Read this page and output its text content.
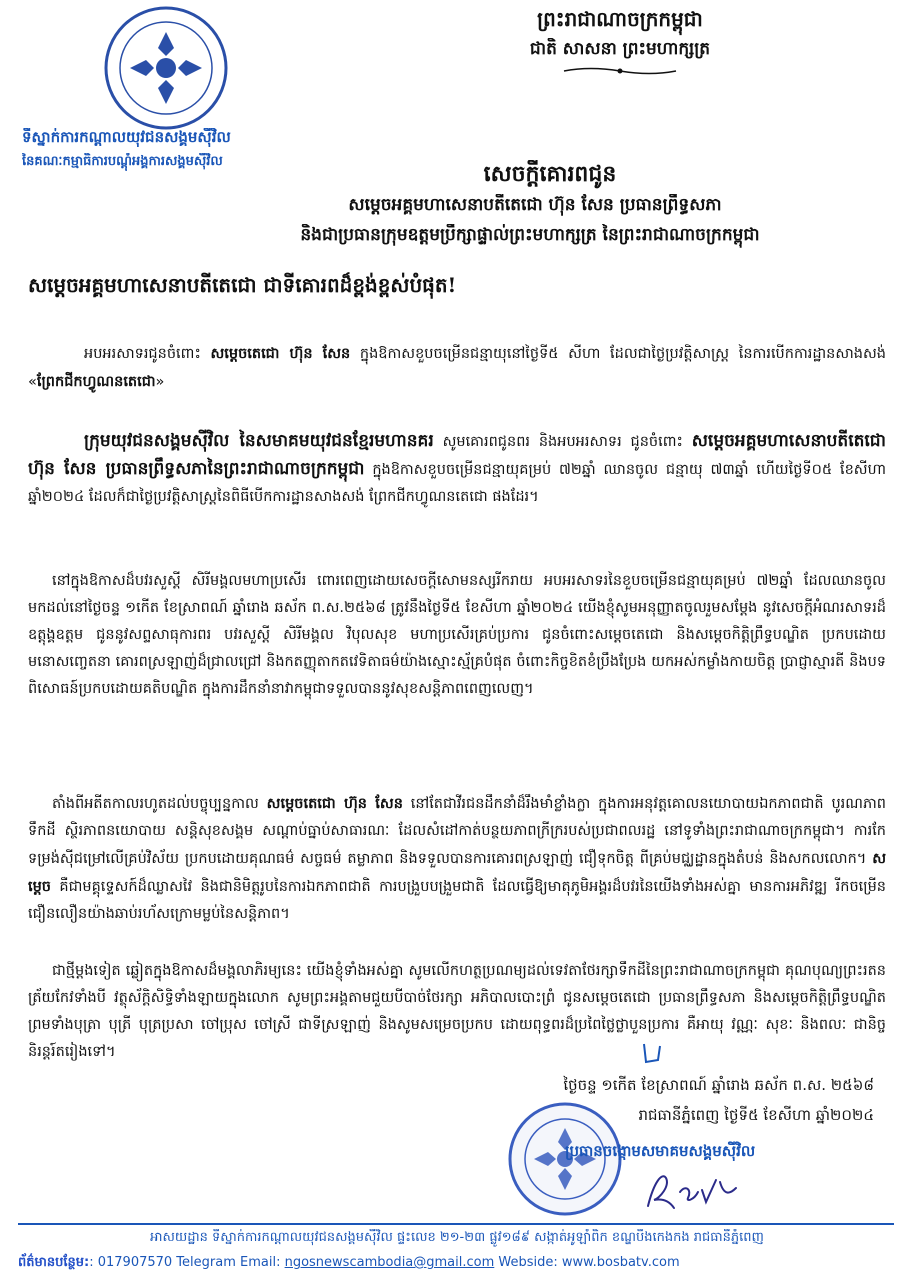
ទីស្នាក់ការកណ្តាលយុវជនសង្គមស៊ីវិល
នៃគណៈកម្មាធិការបណ្តុំអង្គការសង្គមស៊ីវិល
ព្រះរាជាណាចក្រកម្ពុជា
ជាតិ សាសនា ព្រះមហាក្សត្រ
សេចក្តីគោរពជូន
សម្តេចអគ្គមហាសេនាបតីតេជោ ហ៊ុន សែន ប្រធានព្រឹទ្ធសភា
និងជាប្រធានក្រុមឧត្តមប្រឹក្សាផ្ទាល់ព្រះមហាក្សត្រ នៃព្រះរាជាណាចក្រកម្ពុជា
សម្តេចអគ្គមហាសេនាបតីតេជោ ជាទីគោរពដ៏ខ្ពង់ខ្ពស់បំផុត!
អបអរសាទរជូនចំពោះ សម្តេចតេជោ ហ៊ុន សែន ក្នុងឱកាសខួបចម្រើនជន្មាយុនៅថ្ងៃទី៥ សីហា ដែលជាថ្ងៃប្រវត្តិសាស្ត្រ នៃការបើកការដ្ឋានសាងសង់ «ព្រែកជីកហ្វូណនតេជោ»
ក្រុមយុវជនសង្គមស៊ីវិល នៃសមាគមយុវជនខ្មែរមហានគរ សូមគោរពជូនពរ និងអបអរសាទរ ជូនចំពោះ សម្តេចអគ្គមហាសេនាបតីតេជោ ហ៊ុន សែន ប្រធានព្រឹទ្ធសភានៃព្រះរាជាណាចក្រកម្ពុជា ក្នុងឱកាសខួបចម្រើនជន្មាយុគម្រប់ ៧២ឆ្នាំ ឈានចូល ជន្មាយុ ៧៣ឆ្នាំ ហើយថ្ងៃទី០៥ ខែសីហា ឆ្នាំ២០២៤ ដែលក៏ជាថ្ងៃប្រវត្តិសាស្ត្រនៃពិធីបើកការដ្ឋានសាងសង់ ព្រែកជីកហ្វូណនតេជោ ផងដែរ។
នៅក្នុងឱកាសដ៏បវរសួស្តី សិរីមង្គលមហាប្រសើរ ពោរពេញដោយសេចក្តីសោមនស្សរីករាយ អបអរសាទរនៃខួបចម្រើនជន្មាយុគម្រប់ ៧២ឆ្នាំ ដែលឈានចូលមកដល់នៅថ្ងៃចន្ទ ១កើត ខែស្រាពណ៍ ឆ្នាំរោង ឆស័ក ព.ស.២៥៦៨ ត្រូវនឹងថ្ងៃទី៥ ខែសីហា ឆ្នាំ២០២៤ យើងខ្ញុំសូមអនុញ្ញាតចូលរួមសម្តែង នូវសេចក្តីអំណរសាទរដ៏ឧត្តុង្គឧត្តម ជូននូវសព្ទសាធុការពរ បវរសួស្តី សិរីមង្គល វិបុលសុខ មហាប្រសើរគ្រប់ប្រការ ជូនចំពោះសម្តេចតេជោ និងសម្តេចកិត្តិព្រឹទ្ធបណ្ឌិត ប្រកបដោយមនោសញ្ចេតនា គោរពស្រឡាញ់ដ៏ជ្រាលជ្រៅ និងកតញ្ញុតាកតវេទិតាធម៌យ៉ាងស្មោះស្ម័គ្របំផុត ចំពោះកិច្ចខិតខំប្រឹងប្រែង យកអស់កម្លាំងកាយចិត្ត ប្រាជ្ញាស្មារតី និងបទពិសោធន៍ប្រកបដោយគតិបណ្ឌិត ក្នុងការដឹកនាំនាវាកម្ពុជាទទួលបាននូវសុខសន្តិភាពពេញលេញ។
តាំងពីអតីតកាលរហូតដល់បច្ចុប្បន្នកាល សម្តេចតេជោ ហ៊ុន សែន នៅតែជាវីរជនដឹកនាំដ៏រឹងមាំខ្លាំងក្លា ក្នុងការអនុវត្តគោលនយោបាយឯកភាពជាតិ បូរណភាពទឹកដី ស្ថិរភាពនយោបាយ សន្តិសុខសង្គម សណ្តាប់ធ្នាប់សាធារណៈ ដែលសំដៅកាត់បន្ថយភាពក្រីក្ររបស់ប្រជាពលរដ្ឋ នៅទូទាំងព្រះរាជាណាចក្រកម្ពុជា។ ការកែទម្រង់ស៊ីជម្រៅលើគ្រប់វិស័យ ប្រកបដោយគុណធម៌ សច្ចធម៌ តម្លាភាព និងទទួលបានការគោរពស្រឡាញ់ ជឿទុកចិត្ត ពីគ្រប់មជ្ឈដ្ឋានក្នុងតំបន់ និងសកលលោក។ សម្តេច គឺជាមគ្គុទ្ទេសក៍ដ៏ឈ្លាសវៃ និងជានិមិត្តរូបនៃការឯកភាពជាតិ ការបង្រួបបង្រួមជាតិ ដែលធ្វើឱ្យមាតុភូមិអង្គរដ៏បវរនៃយើងទាំងអស់គ្នា មានការអភិវឌ្ឍ រីកចម្រើន ជឿនលឿនយ៉ាងឆាប់រហ័សក្រោមម្លប់នៃសន្តិភាព។
ជាថ្មីម្តងទៀត ឆ្លៀតក្នុងឱកាសដ៏មង្គលាភិរម្យនេះ យើងខ្ញុំទាំងអស់គ្នា សូមលើកហត្ថប្រណម្យដល់ទេវតាថែរក្សាទឹកដីនៃព្រះរាជាណាចក្រកម្ពុជា គុណបុណ្យព្រះរតនត្រ័យកែវទាំងបី វត្ថុស័ក្តិសិទ្ធិទាំងឡាយក្នុងលោក សូមព្រះអង្គតាមជួយបីបាច់ថែរក្សា អភិបាលបោះព្រំ ជូនសម្តេចតេជោ ប្រធានព្រឹទ្ធសភា និងសម្តេចកិត្តិព្រឹទ្ធបណ្ឌិត ព្រមទាំងបុត្រា បុត្រី បុត្រប្រសា ចៅប្រុស ចៅស្រី ជាទីស្រឡាញ់ និងសូមសម្រេចប្រកប ដោយពុទ្ធពរដ៏ប្រពៃថ្លៃថ្លាបួនប្រការ គឺអាយុ វណ្ណៈ សុខៈ និងពលៈ ជានិច្ចនិរន្តរ៍តរៀងទៅ។
ថ្ងៃចន្ទ ១កើត ខែស្រាពណ៍ ឆ្នាំរោង ឆស័ក ព.ស. ២៥៦៨
រាជធានីភ្នំពេញ ថ្ងៃទី៥ ខែសីហា ឆ្នាំ២០២៤
ប្រធានចង្កោមសមាគមសង្គមស៊ីវិល
អាសយដ្ឋាន ទីស្នាក់ការកណ្តាលយុវជនសង្គមស៊ីវិល ផ្ទះលេខ ២១-២៣ ផ្លូវ១៨៩ សង្កាត់អូឡាំពិក ខណ្ឌបឹងកេងកង រាជធានីភ្នំពេញ
ព័ត៌មានបន្ថែម:: 017907570 Telegram Email: ngosnewscambodia@gmail.com Webside: www.bosbatv.com
